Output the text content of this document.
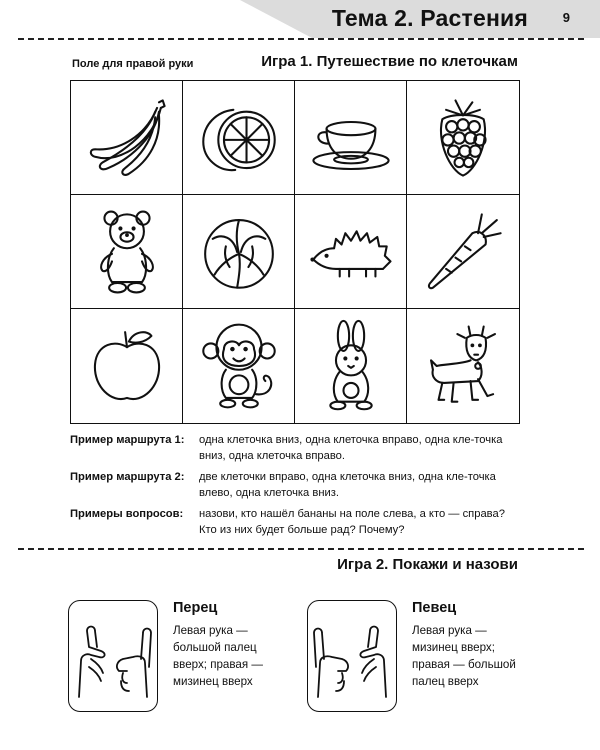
Тема 2. Растения	9
Поле для правой руки	Игра 1. Путешествие по клеточкам
Пример маршрута 1: одна клеточка вниз, одна клеточка вправо, одна кле-точка вниз, одна клеточка вправо.
Пример маршрута 2: две клеточки вправо, одна клеточка вниз, одна кле-точка влево, одна клеточка вниз.
Примеры вопросов: назови, кто нашёл бананы на поле слева, а кто — справа? Кто из них будет больше рад? Почему?
Игра 2. Покажи и назови
Перец
Левая рука — большой палец вверх; правая — мизинец вверх
Певец
Левая рука — мизинец вверх; правая — большой палец вверх
